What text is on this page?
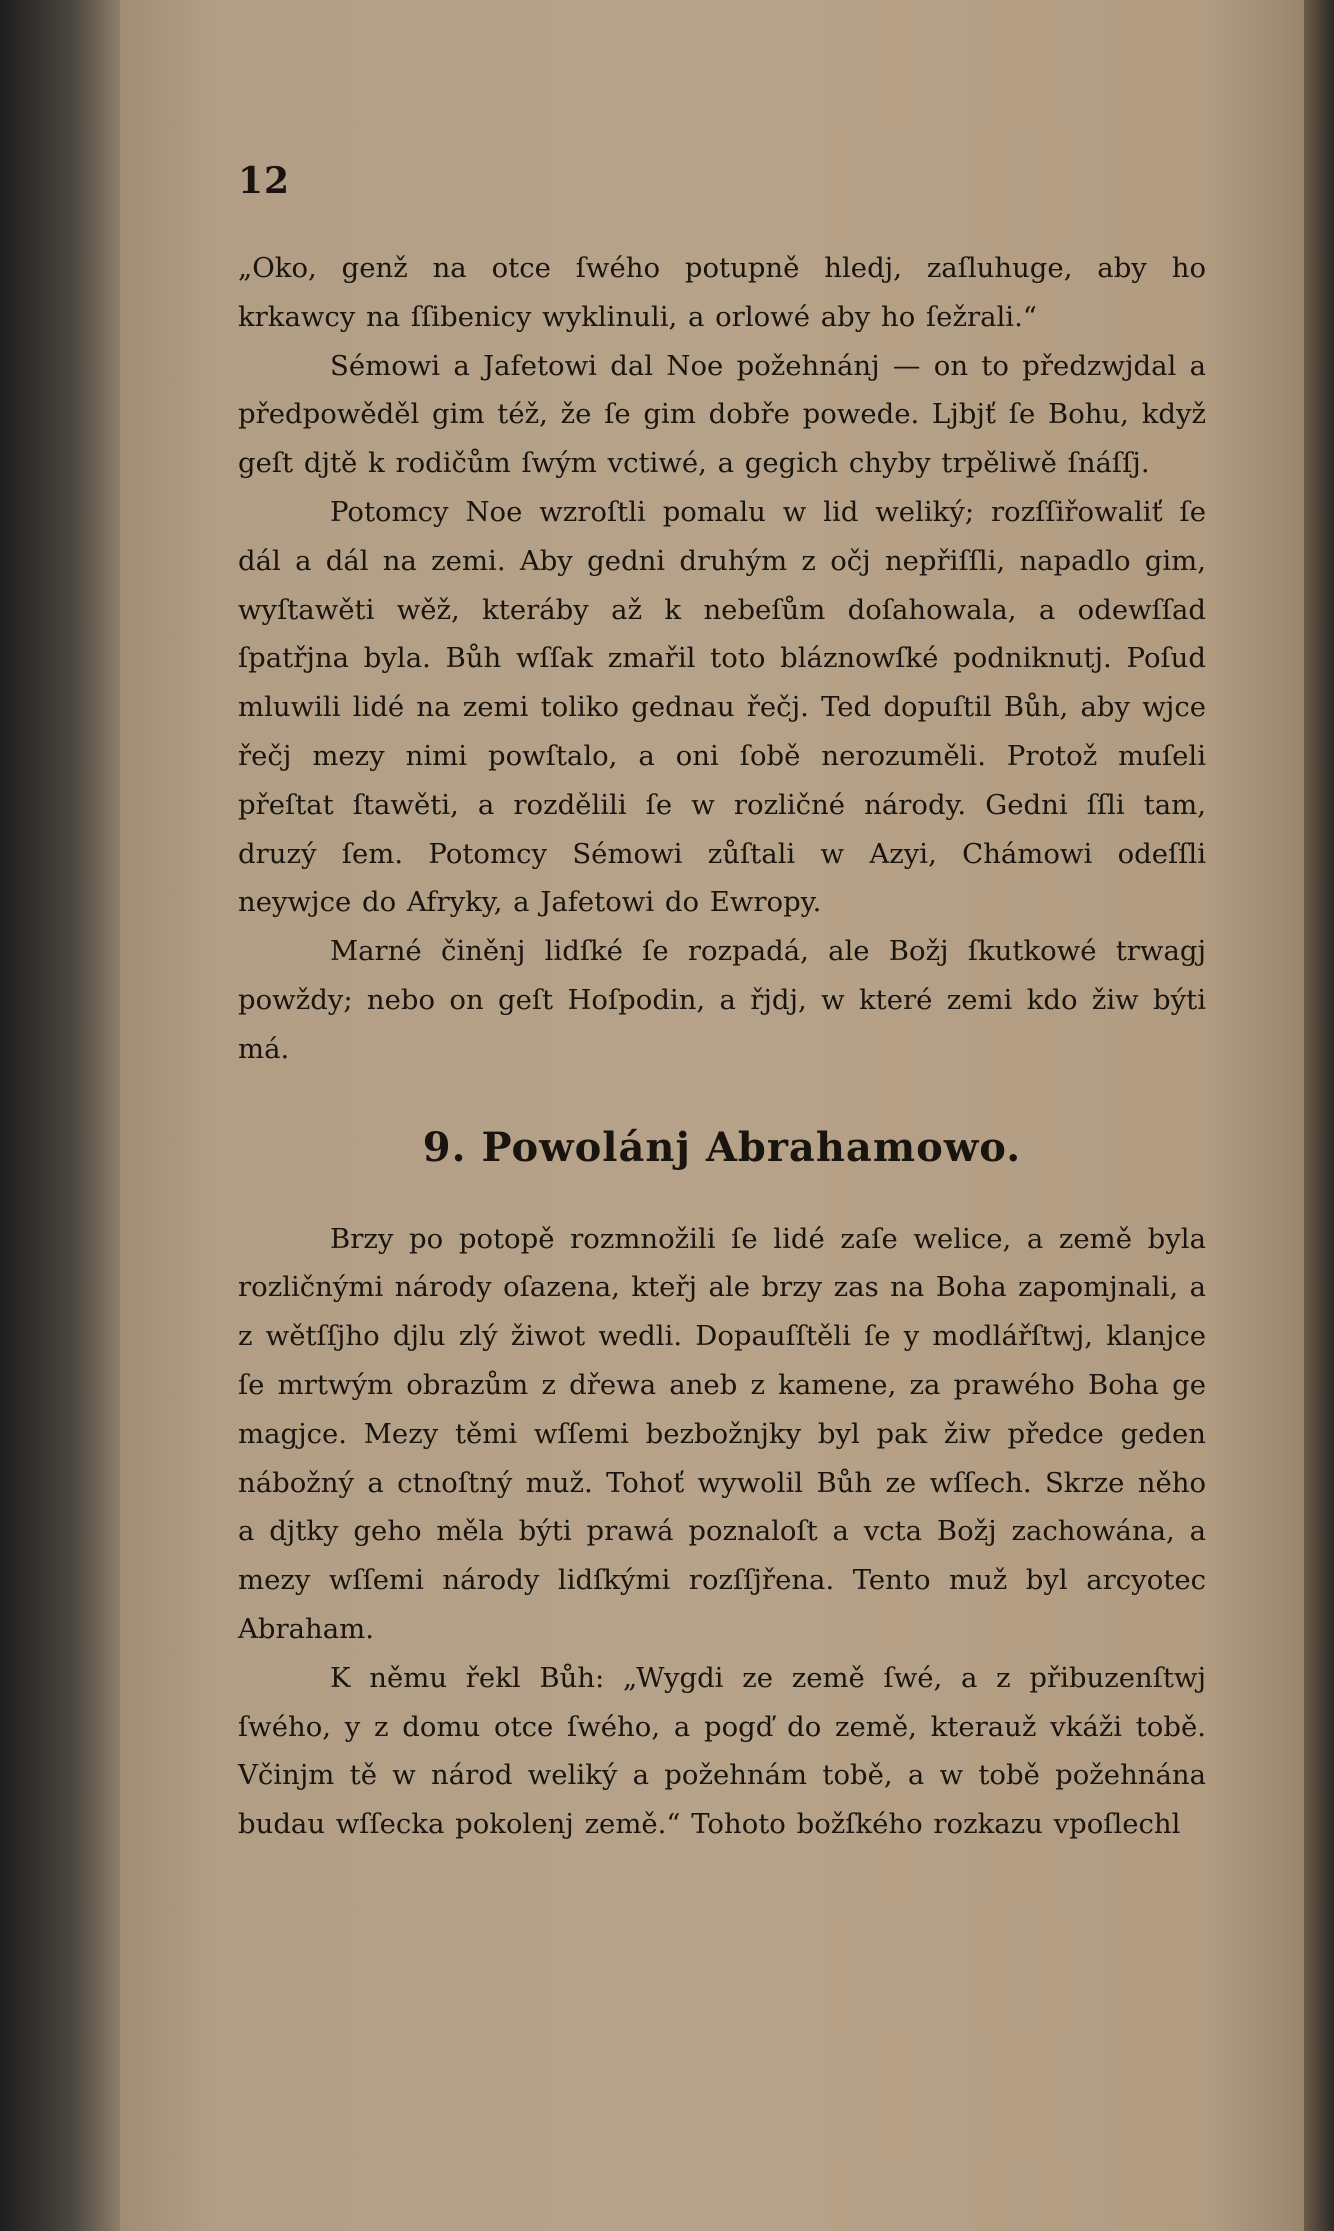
12

„Oko, genž na otce ſwého potupně hledj, zaſluhuge, aby ho krkawcy na ſſibenicy wyklinuli, a orlowé aby ho ſežrali.“

Sémowi a Jafetowi dal Noe požehnánj — on to předzwjdal a předpowěděl gim též, že ſe gim dobře powede. Ljbjť ſe Bohu, když geſt djtě k rodičům ſwým vctiwé, a gegich chyby trpěliwě ſnáſſj.

Potomcy Noe wzroſtli pomalu w lid weliký; rozſſiřowaliť ſe dál a dál na zemi. Aby gedni druhým z očj nepřiſſli, napadlo gim, wyſtawěti wěž, kteráby až k nebeſům doſahowala, a odewſſad ſpatřjna byla. Bůh wſſak zmařil toto bláznowſké podniknutj. Poſud mluwili lidé na zemi toliko gednau řečj. Ted dopuſtil Bůh, aby wjce řečj mezy nimi powſtalo, a oni ſobě nerozuměli. Protož muſeli přeſtat ſtawěti, a rozdělili ſe w rozličné národy. Gedni ſſli tam, druzý ſem. Potomcy Sémowi zůſtali w Azyi, Chámowi odeſſli neywjce do Afryky, a Jafetowi do Ewropy.

Marné činěnj lidſké ſe rozpadá, ale Božj ſkutkowé trwagj powždy; nebo on geſt Hoſpodin, a řjdj, w které zemi kdo žiw býti má.

9. Powolánj Abrahamowo.

Brzy po potopě rozmnožili ſe lidé zaſe welice, a země byla rozličnými národy oſazena, kteřj ale brzy zas na Boha zapomjnali, a z wětſſjho djlu zlý žiwot wedli. Dopauſſtěli ſe y modlářſtwj, klanjce ſe mrtwým obrazům z dřewa aneb z kamene, za prawého Boha ge magjce. Mezy těmi wſſemi bezbožnjky byl pak žiw předce geden nábožný a ctnoſtný muž. Tohoť wywolil Bůh ze wſſech. Skrze něho a djtky geho měla býti prawá poznaloſt a vcta Božj zachowána, a mezy wſſemi národy lidſkými rozſſjřena. Tento muž byl arcyotec Abraham.

K němu řekl Bůh: „Wygdi ze země ſwé, a z přibuzenſtwj ſwého, y z domu otce ſwého, a pogď do země, kterauž vkáži tobě. Včinjm tě w národ weliký a požehnám tobě, a w tobě požehnána budau wſſecka pokolenj země.“ Tohoto božſkého rozkazu vpoſlechl
